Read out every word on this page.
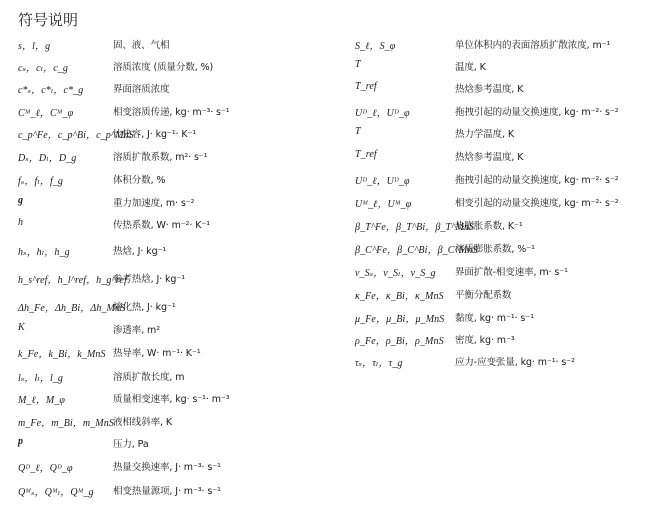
符号说明
s，l，g	固、液、气相
cₛ，cₗ，c_g	溶质浓度 (质量分数, %)
c*ₛ，c*ₗ，c*_g	界面溶质浓度
Cᴹ_ℓ，Cᴹ_φ	相变溶质传递, kg· m⁻³· s⁻¹
c_p^Fe，c_p^Bi，c_p^MnS
比热容, J· kg⁻¹· K⁻¹
Dₛ，Dₗ，D_g	溶质扩散系数, m²· s⁻¹
fₛ，fₗ，f_g	体积分数, %
g	重力加速度, m· s⁻²
h	传热系数, W· m⁻²· K⁻¹
hₛ，hₗ，h_g	热焓, J· kg⁻¹
h_s^ref，h_l^ref，h_g^ref
参考热焓, J· kg⁻¹
Δh_Fe，Δh_Bi，Δh_MnS
熔化热, J· kg⁻¹
K	渗透率, m²
k_Fe，k_Bi，k_MnS 热导率, W· m⁻¹· K⁻¹
lₛ，lₗ，l_g	溶质扩散长度, m
M_ℓ，M_φ	质量相变速率, kg· s⁻¹· m⁻³
m_Fe，m_Bi，m_MnS 液相线斜率, K
p	压力, Pa
Qᴰ_ℓ，Qᴰ_φ	热量交换速率, J· m⁻³· s⁻¹
Qᴹₛ，Qᴹₗ，Qᴹ_g 相变热量源项, J· m⁻³· s⁻¹
S_ℓ，S_φ	单位体积内的表面溶质扩散浓度, m⁻¹
T	温度, K
T_ref	热焓参考温度, K
Uᴰ_ℓ，Uᴰ_φ	拖拽引起的动量交换速度, kg· m⁻²· s⁻²
T	热力学温度, K
T_ref	热焓参考温度, K
Uᴰ_ℓ，Uᴰ_φ	拖拽引起的动量交换速度, kg· m⁻²· s⁻²
Uᴹ_ℓ，Uᴹ_φ	相变引起的动量交换速度, kg· m⁻²· s⁻²
β_T^Fe，β_T^Bi，β_T^MnS
热膨胀系数, K⁻¹
β_C^Fe，β_C^Bi，β_C^MnS
溶质膨胀系数, %⁻¹
ν_Sₛ，ν_Sₗ，ν_S_g 界面扩散-相变速率, m· s⁻¹
κ_Fe，κ_Bi，κ_MnS 平衡分配系数
μ_Fe，μ_Bi，μ_MnS 黏度, kg· m⁻¹· s⁻¹
ρ_Fe，ρ_Bi，ρ_MnS 密度, kg· m⁻³
τₛ，τₗ，τ_g	应力-应变张量, kg· m⁻¹· s⁻²
